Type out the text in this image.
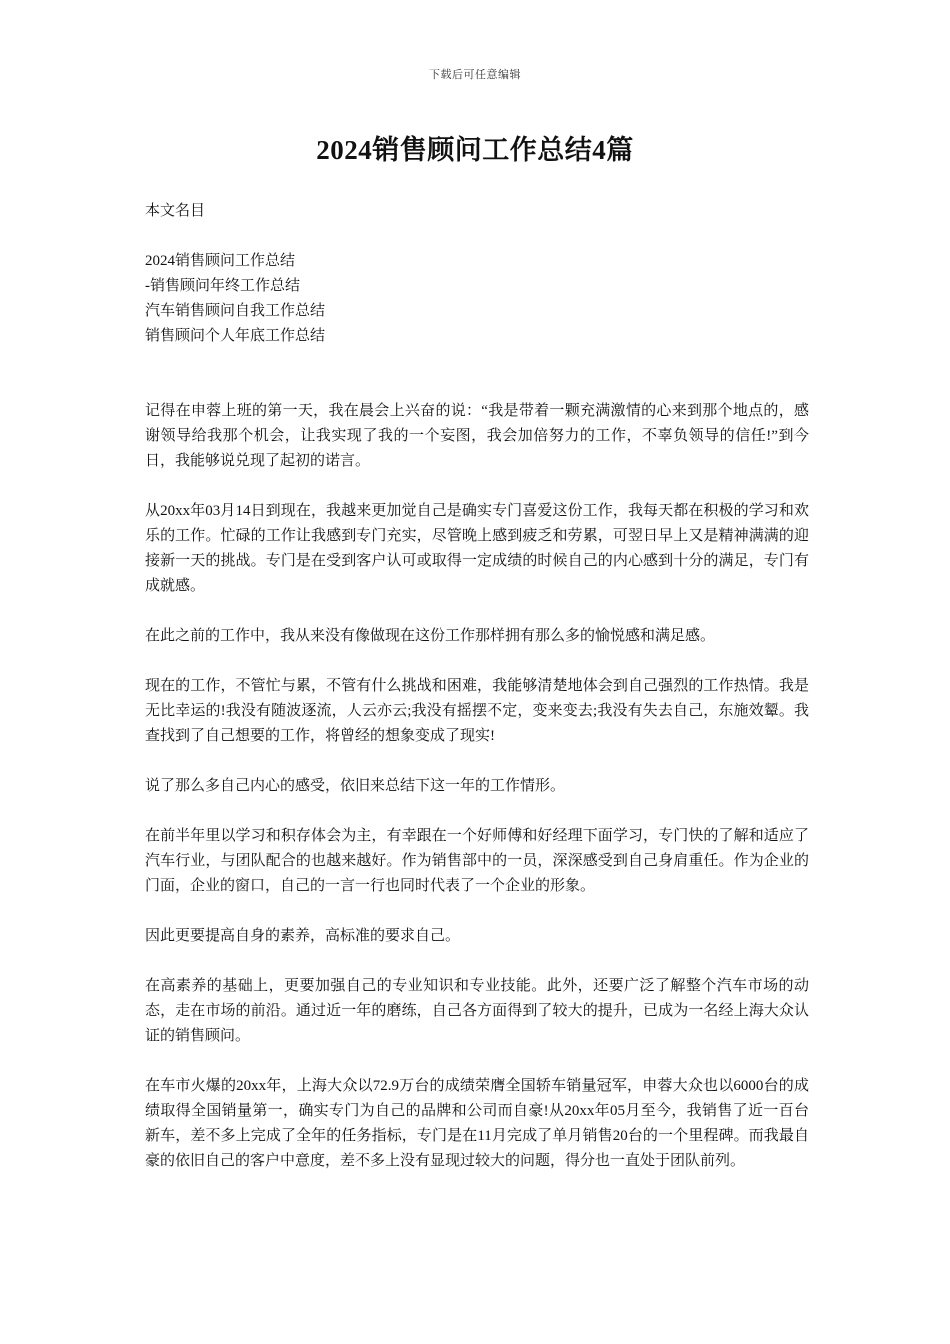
下载后可任意编辑
2024销售顾问工作总结4篇
本文名目
2024销售顾问工作总结
-销售顾问年终工作总结
汽车销售顾问自我工作总结
销售顾问个人年底工作总结

记得在申蓉上班的第一天，我在晨会上兴奋的说：“我是带着一颗充满激情的心来到那个地点的，感谢领导给我那个机会，让我实现了我的一个妄图，我会加倍努力的工作，不辜负领导的信任!”到今日，我能够说兑现了起初的诺言。

从20xx年03月14日到现在，我越来更加觉自己是确实专门喜爱这份工作，我每天都在积极的学习和欢乐的工作。忙碌的工作让我感到专门充实，尽管晚上感到疲乏和劳累，可翌日早上又是精神满满的迎接新一天的挑战。专门是在受到客户认可或取得一定成绩的时候自己的内心感到十分的满足，专门有成就感。

在此之前的工作中，我从来没有像做现在这份工作那样拥有那么多的愉悦感和满足感。

现在的工作，不管忙与累，不管有什么挑战和困难，我能够清楚地体会到自己强烈的工作热情。我是无比幸运的!我没有随波逐流，人云亦云;我没有摇摆不定，变来变去;我没有失去自己，东施效颦。我查找到了自己想要的工作，将曾经的想象变成了现实!

说了那么多自己内心的感受，依旧来总结下这一年的工作情形。

在前半年里以学习和积存体会为主，有幸跟在一个好师傅和好经理下面学习，专门快的了解和适应了汽车行业，与团队配合的也越来越好。作为销售部中的一员，深深感受到自己身肩重任。作为企业的门面，企业的窗口，自己的一言一行也同时代表了一个企业的形象。

因此更要提高自身的素养，高标准的要求自己。

在高素养的基础上，更要加强自己的专业知识和专业技能。此外，还要广泛了解整个汽车市场的动态，走在市场的前沿。通过近一年的磨练，自己各方面得到了较大的提升，已成为一名经上海大众认证的销售顾问。

在车市火爆的20xx年，上海大众以72.9万台的成绩荣膺全国轿车销量冠军，申蓉大众也以6000台的成绩取得全国销量第一，确实专门为自己的品牌和公司而自豪!从20xx年05月至今，我销售了近一百台新车，差不多上完成了全年的任务指标，专门是在11月完成了单月销售20台的一个里程碑。而我最自豪的依旧自己的客户中意度，差不多上没有显现过较大的问题，得分也一直处于团队前列。
